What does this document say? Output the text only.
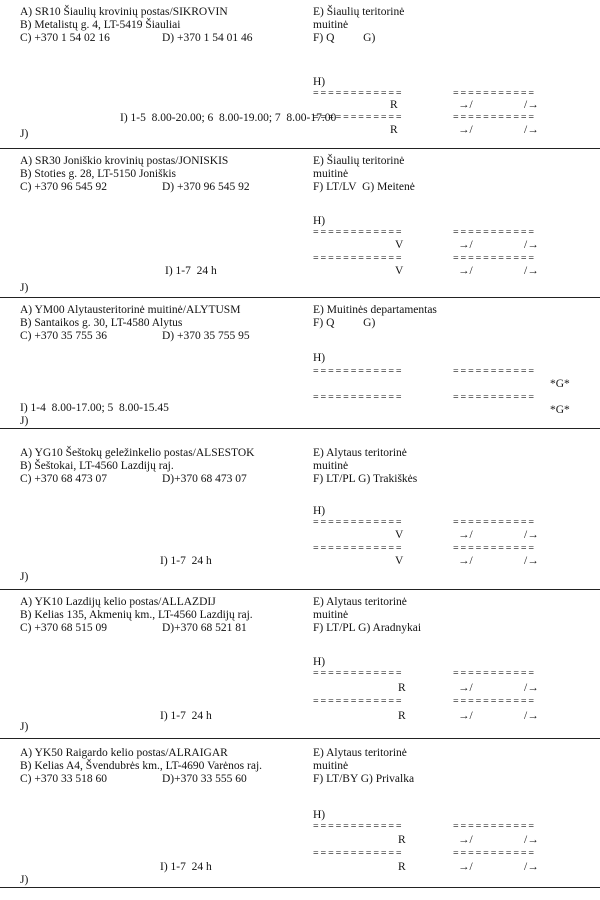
A) SR10 Šiaulių krovinių postas/SIKROVIN
B) Metalistų g. 4, LT-5419 Šiauliai
C) +370 1 54 02 16	D) +370 1 54 01 46
E) Šiaulių teritorinė
muitinė
F) Q          G)
H)
= = = = = = = = = = = =	= = = = = = = = = = =
R	→/	/→
I) 1-5  8.00-20.00; 6  8.00-19.00; 7  8.00-17.00
= = = = = = = = = = = =	= = = = = = = = = = =
R	→/	/→
J)
A) SR30 Joniškio krovinių postas/JONISKIS
B) Stoties g. 28, LT-5150 Joniškis
C) +370 96 545 92	D) +370 96 545 92
E) Šiaulių teritorinė
muitinė
F) LT/LV  G) Meitenė
H)
= = = = = = = = = = = =	= = = = = = = = = = =
V	→/	/→
= = = = = = = = = = = =	= = = = = = = = = = =
I) 1-7  24 h	V	→/	/→
J)
A) YM00 Alytausteritorinė muitinė/ALYTUSM
B) Santaikos g. 30, LT-4580 Alytus
C) +370 35 755 36	D) +370 35 755 95
E) Muitinės departamentas
F) Q          G)
H)
= = = = = = = = = = = =	= = = = = = = = = = =
*G*
= = = = = = = = = = = =	= = = = = = = = = = =
*G*
I) 1-4  8.00-17.00; 5  8.00-15.45
J)
A) YG10 Šeštokų geležinkelio postas/ALSESTOK
B) Šeštokai, LT-4560 Lazdijų raj.
C) +370 68 473 07	D)+370 68 473 07
E) Alytaus teritorinė
muitinė
F) LT/PL G) Trakiškės
H)
= = = = = = = = = = = =	= = = = = = = = = = =
V	→/	/→
= = = = = = = = = = = =	= = = = = = = = = = =
I) 1-7  24 h	V	→/	/→
J)
A) YK10 Lazdijų kelio postas/ALLAZDIJ
B) Kelias 135, Akmenių km., LT-4560 Lazdijų raj.
C) +370 68 515 09	D)+370 68 521 81
E) Alytaus teritorinė
muitinė
F) LT/PL G) Aradnykai
H)
= = = = = = = = = = = =	= = = = = = = = = = =
R	→/	/→
= = = = = = = = = = = =	= = = = = = = = = = =
I) 1-7  24 h	R	→/	/→
J)
A) YK50 Raigardo kelio postas/ALRAIGAR
B) Kelias A4, Švendubrės km., LT-4690 Varėnos raj.
C) +370 33 518 60	D)+370 33 555 60
E) Alytaus teritorinė
muitinė
F) LT/BY G) Privalka
H)
= = = = = = = = = = = =	= = = = = = = = = = =
R	→/	/→
= = = = = = = = = = = =	= = = = = = = = = = =
I) 1-7  24 h	R	→/	/→
J)
